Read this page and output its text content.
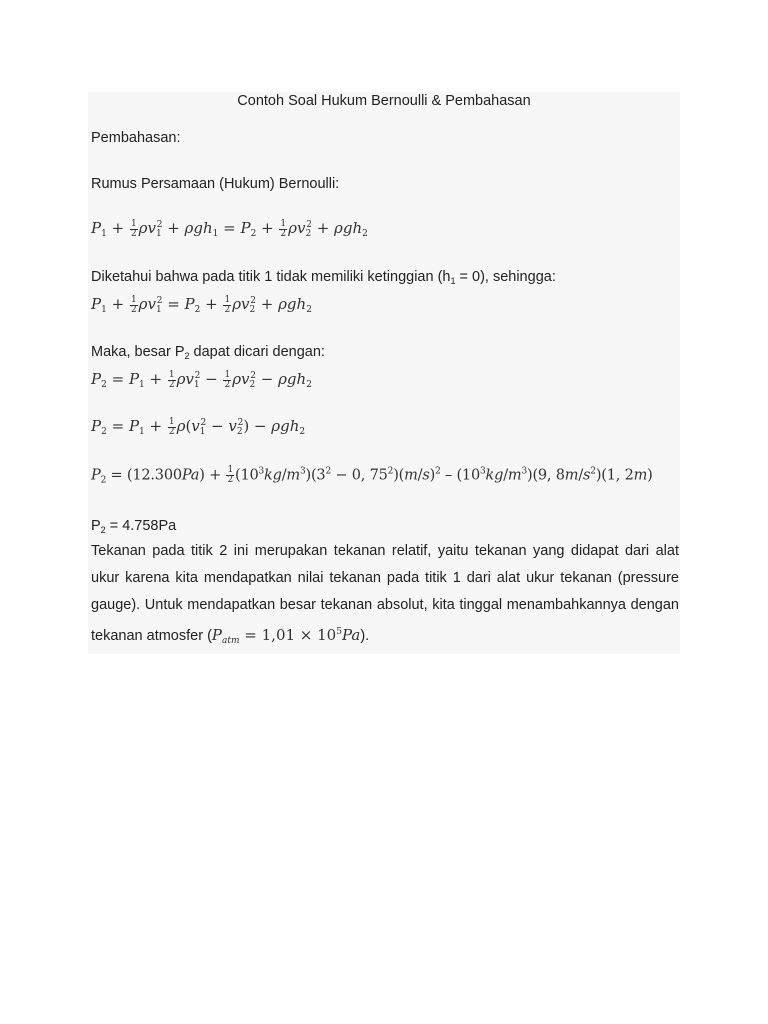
Contoh Soal Hukum Bernoulli & Pembahasan
Pembahasan:
Rumus Persamaan (Hukum) Bernoulli:
$P_1 + \frac{1}{2} \rho v_1^2 + \rho gh_1 = P_2 + \frac{1}{2} \rho v_2^2 + \rho gh_2$
Diketahui bahwa pada titik 1 tidak memiliki ketinggian $(h_1 = 0)$, sehingga:
$P_1 + \frac{1}{2} \rho v_1^2 = P_2 + \frac{1}{2} \rho v_2^2 + \rho gh_2$
Maka, besar $P_2$ dapat dicari dengan:
$P_2 = P_1 + \frac{1}{2} \rho v_1^2 - \frac{1}{2} \rho v_2^2 - \rho gh_2$
$P_2 = P_1 + \frac{1}{2} \rho(v_1^2 - v_2^2) - \rho gh_2$
$P_2 = (12.300Pa) + \frac{1}{2} (10^3kg/m^3)(3^2 - 0$, $75^2)(m/s)^2 - (10^3kg/m^3)(9$, $8m/s^2)(1$, 2m)
$P_2 = 4.758Pa$
Tekanan pada titik 2 ini merupakan tekanan relatif, yaitu tekanan yang didapat dari alat ukur karena kita mendapatkan nilai tekanan pada titik 1 dari alat ukur tekanan (pressure gauge). Untuk mendapatkan besar tekanan absolut, kita tinggal menambahkannya dengan tekanan atmosfer $(P_{atm} = 1,01 \times 10^5Pa)$.
